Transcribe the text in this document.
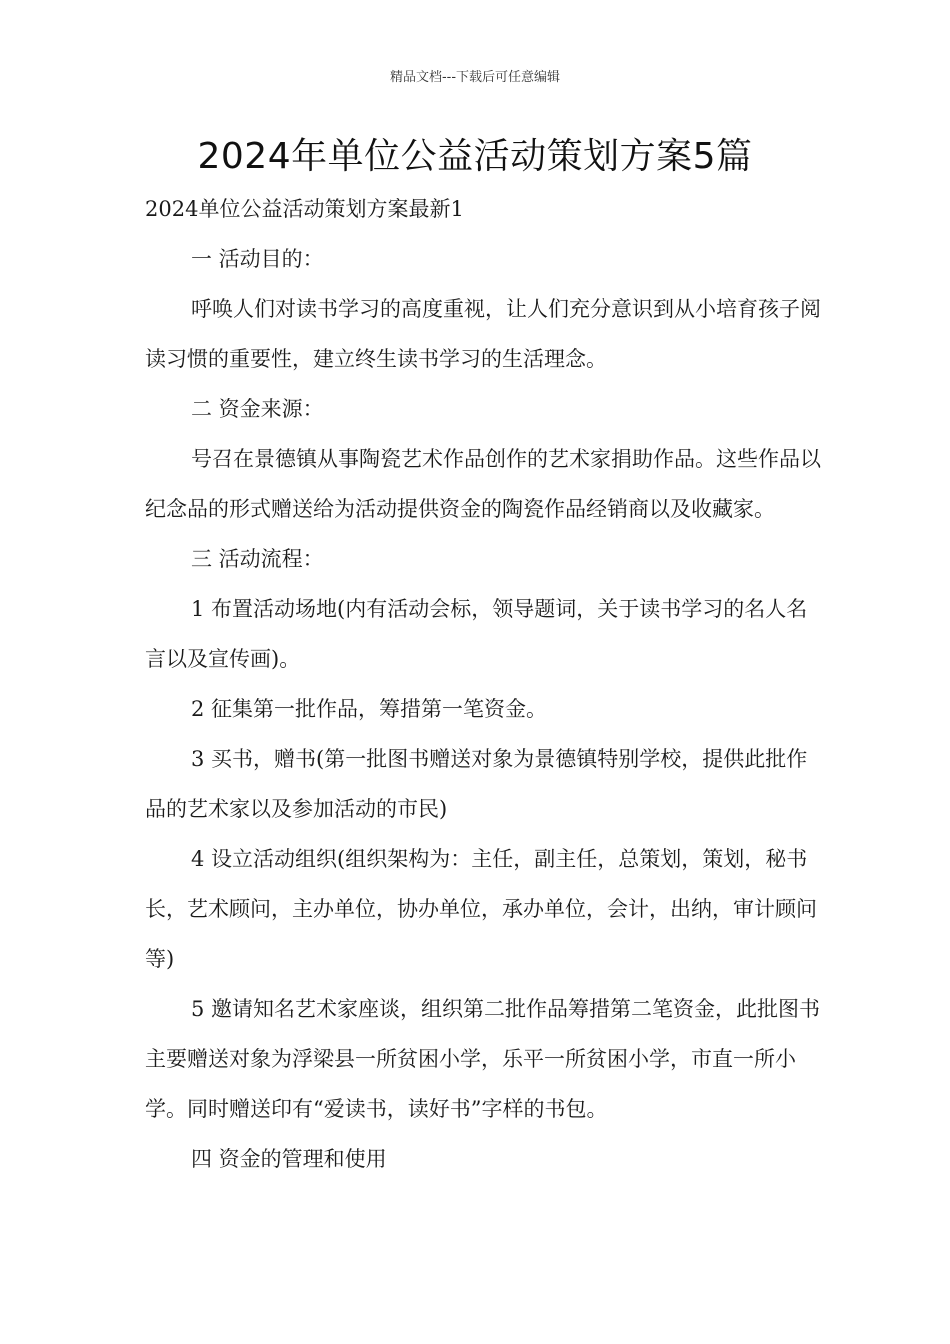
精品文档---下载后可任意编辑
2024年单位公益活动策划方案5篇

2024单位公益活动策划方案最新1

一 活动目的：

呼唤人们对读书学习的高度重视，让人们充分意识到从小培育孩子阅读习惯的重要性，建立终生读书学习的生活理念。

二 资金来源：

号召在景德镇从事陶瓷艺术作品创作的艺术家捐助作品。这些作品以纪念品的形式赠送给为活动提供资金的陶瓷作品经销商以及收藏家。

三 活动流程：

1 布置活动场地(内有活动会标，领导题词，关于读书学习的名人名言以及宣传画)。

2 征集第一批作品，筹措第一笔资金。

3 买书，赠书(第一批图书赠送对象为景德镇特别学校，提供此批作品的艺术家以及参加活动的市民)

4 设立活动组织(组织架构为：主任，副主任，总策划，策划，秘书长，艺术顾问，主办单位，协办单位，承办单位，会计，出纳，审计顾问等)

5 邀请知名艺术家座谈，组织第二批作品筹措第二笔资金，此批图书主要赠送对象为浮梁县一所贫困小学，乐平一所贫困小学，市直一所小学。同时赠送印有“爱读书，读好书”字样的书包。

四 资金的管理和使用
